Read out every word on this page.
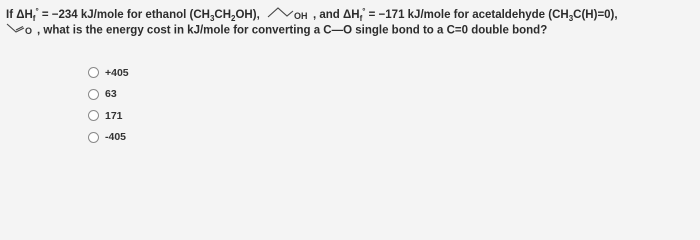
If $\Delta H_f^\circ = -234$ kJ/mole for ethanol $(CH_3CH_2OH)$,	OH , and $\Delta H_f^\circ = -171$ kJ/mole for acetaldehyde $(CH_3C(H)=0)$,
O , what is the energy cost in kJ/mole for converting a C—O single bond to a C=0 double bond?
+405
63
171
-405
